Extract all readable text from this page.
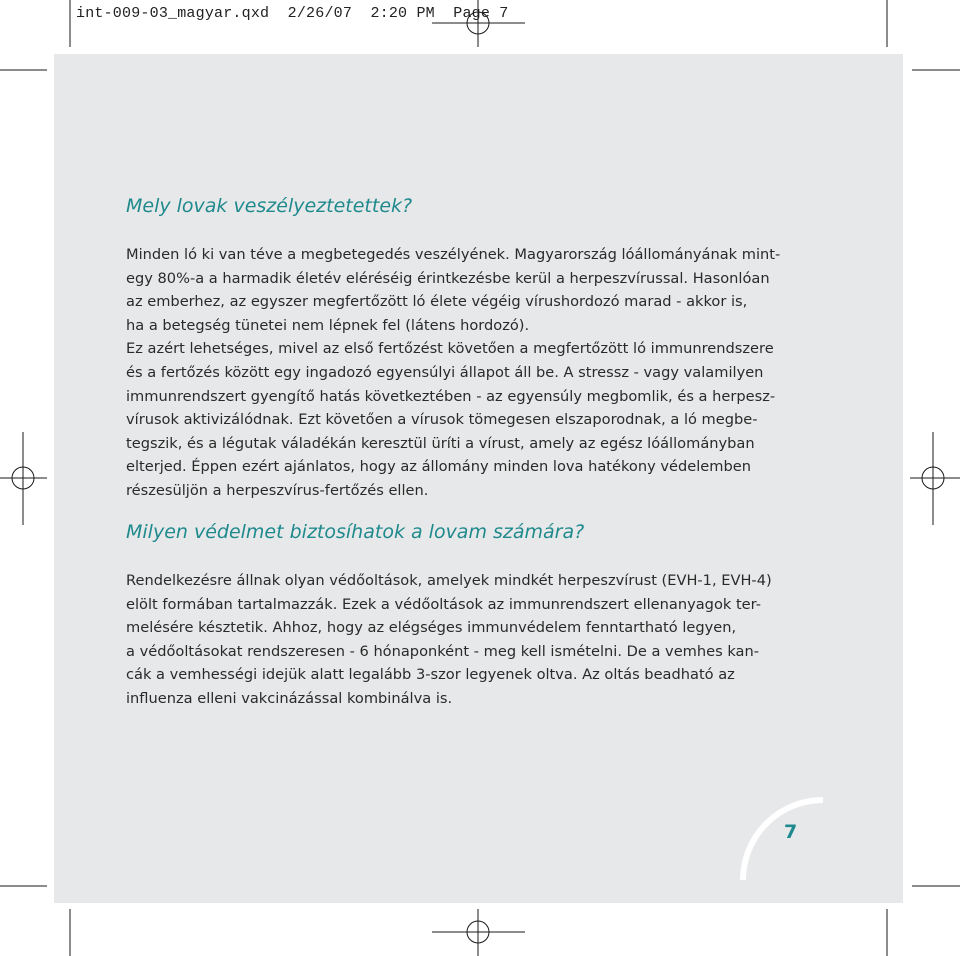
int-009-03_magyar.qxd  2/26/07  2:20 PM  Page 7
Mely lovak veszélyeztetettek?

Minden ló ki van téve a megbetegedés veszélyének. Magyarország lóállományának mint-
egy 80%-a a harmadik életév eléréséig érintkezésbe kerül a herpeszvírussal. Hasonlóan
az emberhez, az egyszer megfertőzött ló élete végéig vírushordozó marad - akkor is,
ha a betegség tünetei nem lépnek fel (látens hordozó).
Ez azért lehetséges, mivel az első fertőzést követően a megfertőzött ló immunrendszere
és a fertőzés között egy ingadozó egyensúlyi állapot áll be. A stressz - vagy valamilyen
immunrendszert gyengítő hatás következtében - az egyensúly megbomlik, és a herpesz-
vírusok aktivizálódnak. Ezt követően a vírusok tömegesen elszaporodnak, a ló megbe-
tegszik, és a légutak váladékán keresztül üríti a vírust, amely az egész lóállományban
elterjed. Éppen ezért ajánlatos, hogy az állomány minden lova hatékony védelemben
részesüljön a herpeszvírus-fertőzés ellen.

Milyen védelmet biztosíhatok a lovam számára?

Rendelkezésre állnak olyan védőoltások, amelyek mindkét herpeszvírust (EVH-1, EVH-4)
elölt formában tartalmazzák. Ezek a védőoltások az immunrendszert ellenanyagok ter-
melésére késztetik. Ahhoz, hogy az elégséges immunvédelem fenntartható legyen,
a védőoltásokat rendszeresen - 6 hónaponként - meg kell ismételni. De a vemhes kan-
cák a vemhességi idejük alatt legalább 3-szor legyenek oltva. Az oltás beadható az
influenza elleni vakcinázással kombinálva is.

7
